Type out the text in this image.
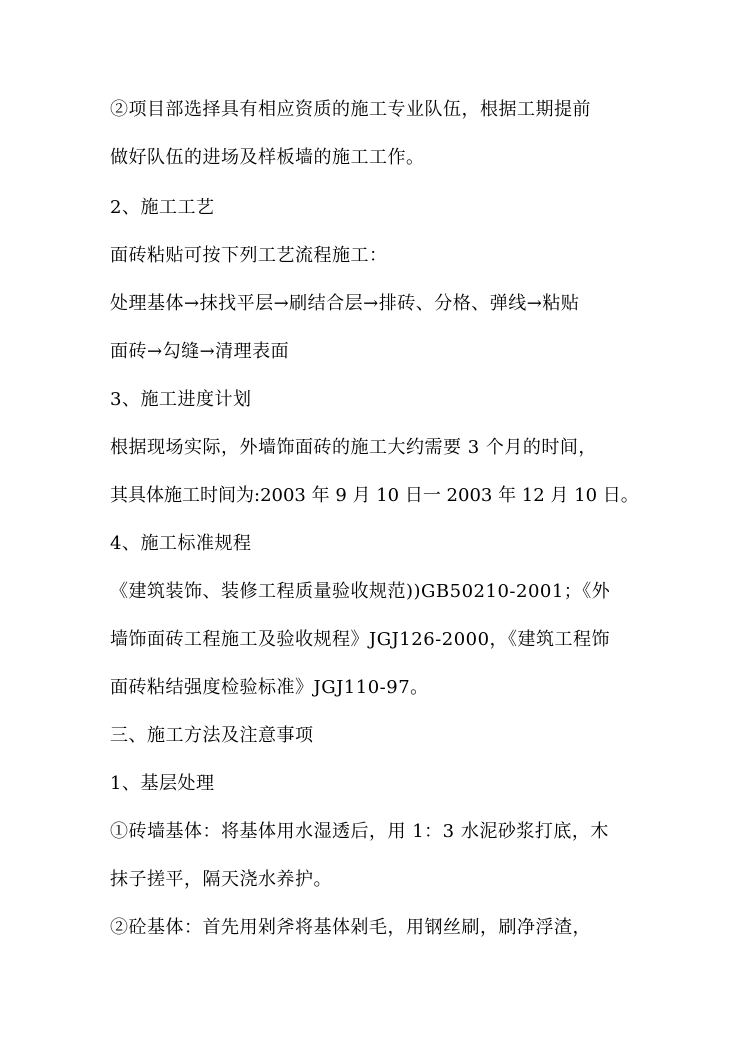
②项目部选择具有相应资质的施工专业队伍，根据工期提前
做好队伍的进场及样板墙的施工工作。
2、施工工艺
面砖粘贴可按下列工艺流程施工：
处理基体→抹找平层→刷结合层→排砖、分格、弹线→粘贴
面砖→勾缝→清理表面
3、施工进度计划
根据现场实际，外墙饰面砖的施工大约需要 3 个月的时间，
其具体施工时间为:2003 年 9 月 10 日一 2003 年 12 月 10 日。
4、施工标准规程
《建筑装饰、装修工程质量验收规范))GB50210-2001；《外
墙饰面砖工程施工及验收规程》JGJ126-2000，《建筑工程饰
面砖粘结强度检验标准》JGJ110-97。
三、施工方法及注意事项
1、基层处理
①砖墙基体：将基体用水湿透后，用 1：3 水泥砂浆打底，木
抹子搓平，隔天浇水养护。
②砼基体：首先用剁斧将基体剁毛，用钢丝刷，刷净浮渣，
